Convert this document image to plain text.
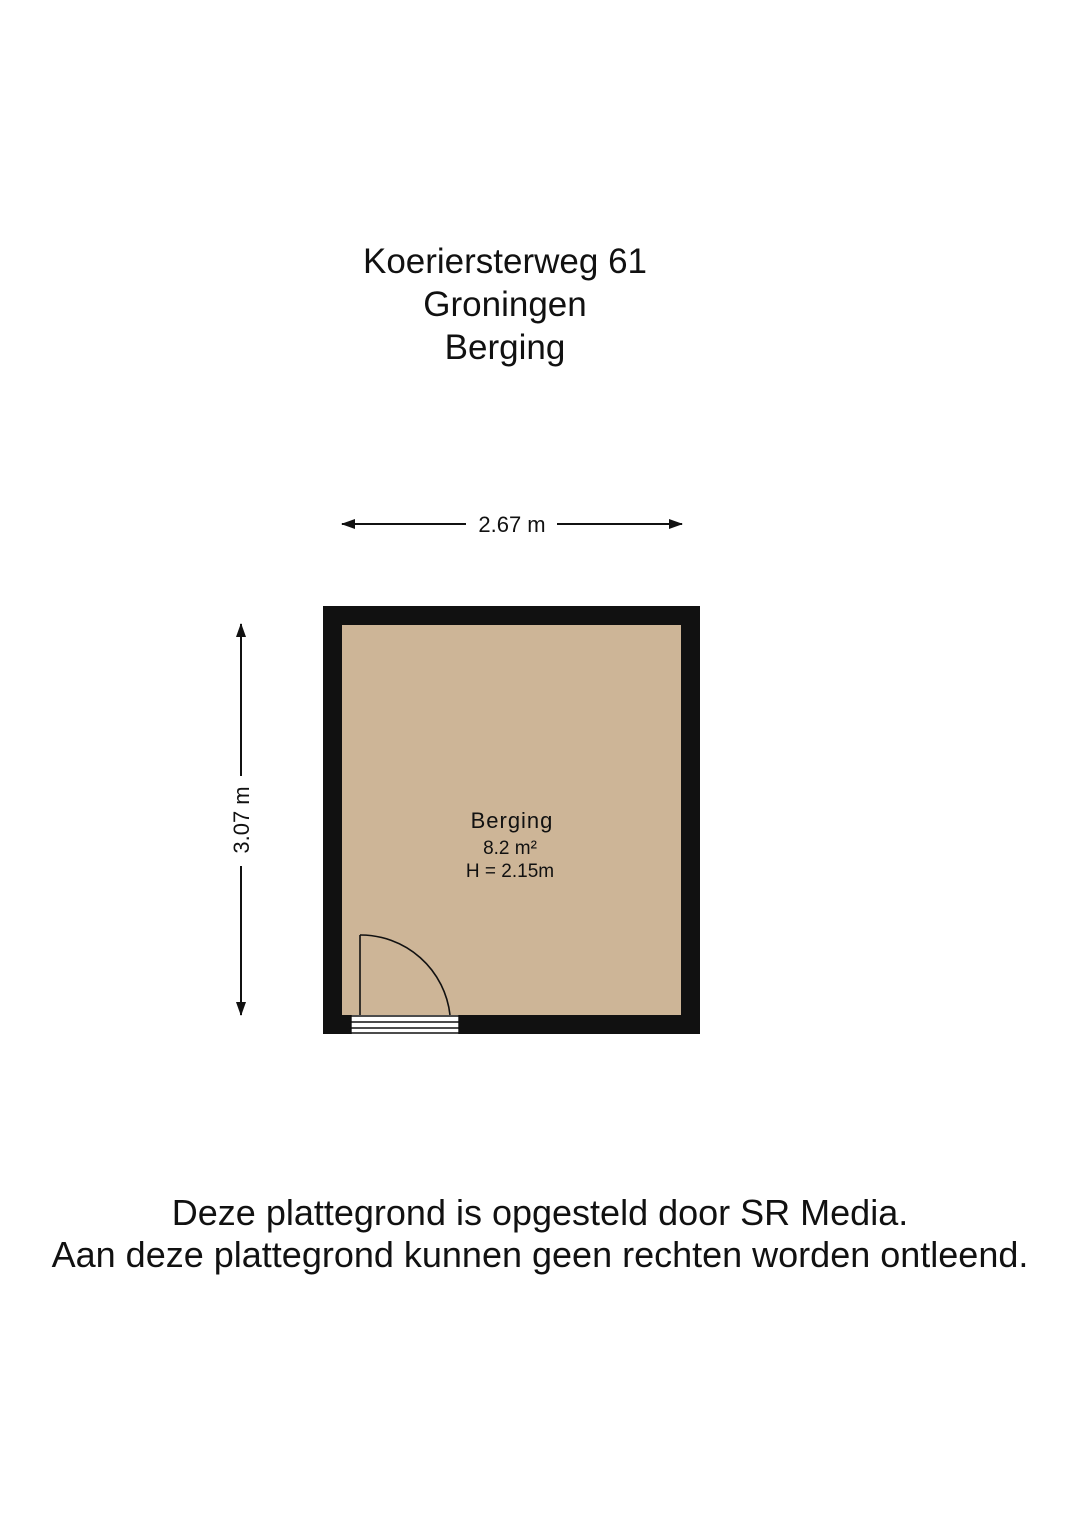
Koeriersterweg 61
Groningen
Berging
2.67 m
3.07 m	Berging
8.2 m²
H = 2.15m
Deze plattegrond is opgesteld door SR Media.
Aan deze plattegrond kunnen geen rechten worden ontleend.
